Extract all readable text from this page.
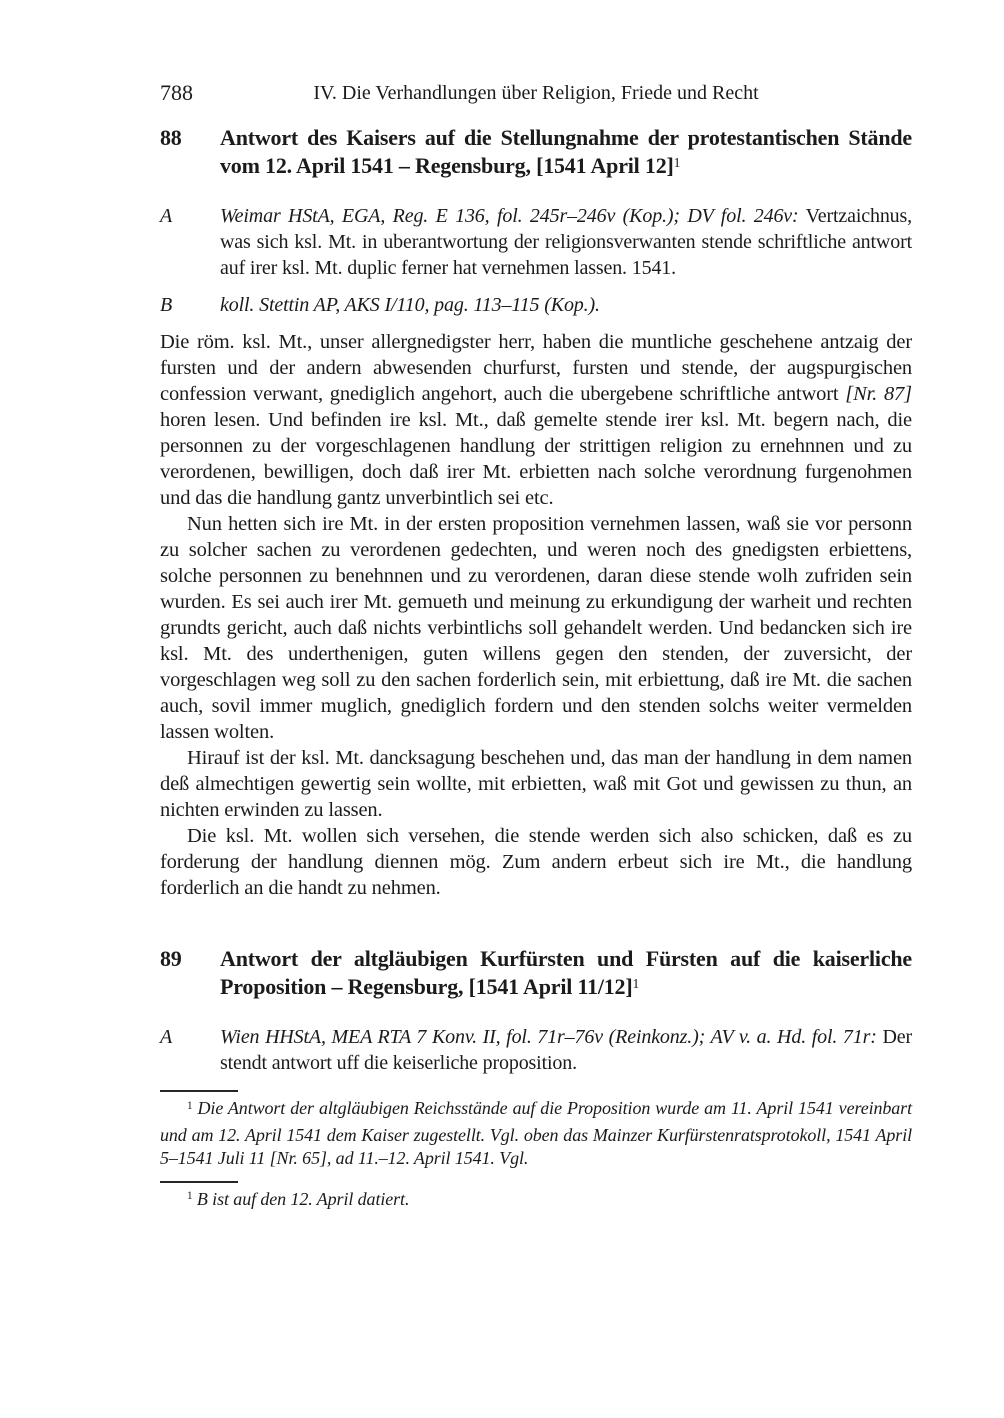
788	IV. Die Verhandlungen über Religion, Friede und Recht
88	Antwort des Kaisers auf die Stellungnahme der protestantischen Stände vom 12. April 1541 – Regensburg, [1541 April 12]$^1$
A	Weimar HStA, EGA, Reg. E 136, fol. 245r–246v (Kop.); DV fol. 246v: Vertzaichnus, was sich ksl. Mt. in uberantwortung der religionsverwanten stende schriftliche antwort auf irer ksl. Mt. duplic ferner hat vernehmen lassen. 1541.

B	koll. Stettin AP, AKS I/110, pag. 113–115 (Kop.).

Die röm. ksl. Mt., unser allergnedigster herr, haben die muntliche geschehene antzaig der fursten und der andern abwesenden churfurst, fursten und stende, der augspurgischen confession verwant, gnediglich angehort, auch die ubergebene schriftliche antwort [Nr. 87] horen lesen. Und befinden ire ksl. Mt., daß gemelte stende irer ksl. Mt. begern nach, die personnen zu der vorgeschlagenen handlung der strittigen religion zu ernehnnen und zu verordenen, bewilligen, doch daß irer Mt. erbietten nach solche verordnung furgenohmen und das die handlung gantz unverbintlich sei etc.

Nun hetten sich ire Mt. in der ersten proposition vernehmen lassen, waß sie vor personn zu solcher sachen zu verordenen gedechten, und weren noch des gnedigsten erbiettens, solche personnen zu benehnnen und zu verordenen, daran diese stende wolh zufriden sein wurden. Es sei auch irer Mt. gemueth und meinung zu erkundigung der warheit und rechten grundts gericht, auch daß nichts verbintlichs soll gehandelt werden. Und bedancken sich ire ksl. Mt. des underthenigen, guten willens gegen den stenden, der zuversicht, der vorgeschlagen weg soll zu den sachen forderlich sein, mit erbiettung, daß ire Mt. die sachen auch, sovil immer muglich, gnediglich fordern und den stenden solchs weiter vermelden lassen wolten.

Hirauf ist der ksl. Mt. dancksagung beschehen und, das man der handlung in dem namen deß almechtigen gewertig sein wollte, mit erbietten, waß mit Got und gewissen zu thun, an nichten erwinden zu lassen.

Die ksl. Mt. wollen sich versehen, die stende werden sich also schicken, daß es zu forderung der handlung diennen mög. Zum andern erbeut sich ire Mt., die handlung forderlich an die handt zu nehmen.

89	Antwort der altgläubigen Kurfürsten und Fürsten auf die kaiserliche Proposition – Regensburg, [1541 April 11/12]$^1$
A	Wien HHStA, MEA RTA 7 Konv. II, fol. 71r–76v (Reinkonz.); AV v. a. Hd. fol. 71r: Der stendt antwort uff die keiserliche proposition.

$^1$ Die Antwort der altgläubigen Reichsstände auf die Proposition wurde am 11. April 1541 vereinbart und am 12. April 1541 dem Kaiser zugestellt. Vgl. oben das Mainzer Kurfürstenratsprotokoll, 1541 April 5–1541 Juli 11 [Nr. 65], ad 11.–12. April 1541. Vgl.

$^1$ B ist auf den 12. April datiert.
